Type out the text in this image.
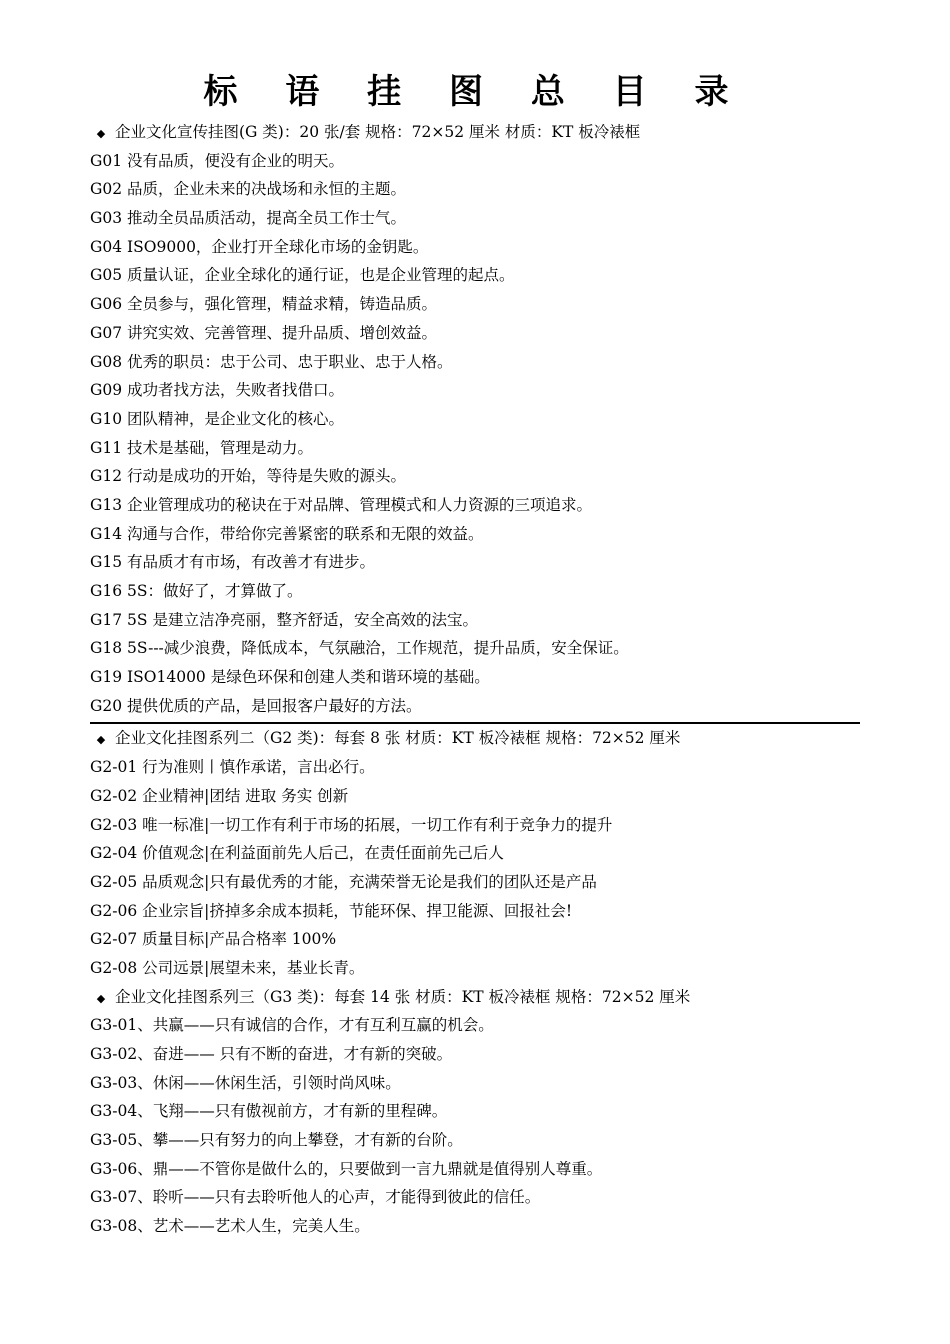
标 语 挂 图 总 目 录
◆ 企业文化宣传挂图(G 类)：20 张/套 规格：72×52 厘米 材质：KT 板冷裱框
G01 没有品质，便没有企业的明天。
G02 品质，企业未来的决战场和永恒的主题。
G03 推动全员品质活动，提高全员工作士气。
G04 ISO9000，企业打开全球化市场的金钥匙。
G05 质量认证，企业全球化的通行证，也是企业管理的起点。
G06 全员参与，强化管理，精益求精，铸造品质。
G07 讲究实效、完善管理、提升品质、增创效益。
G08 优秀的职员：忠于公司、忠于职业、忠于人格。
G09 成功者找方法，失败者找借口。
G10 团队精神，是企业文化的核心。
G11 技术是基础，管理是动力。
G12 行动是成功的开始，等待是失败的源头。
G13 企业管理成功的秘诀在于对品牌、管理模式和人力资源的三项追求。
G14 沟通与合作，带给你完善紧密的联系和无限的效益。
G15 有品质才有市场，有改善才有进步。
G16 5S：做好了，才算做了。
G17 5S 是建立洁净亮丽，整齐舒适，安全高效的法宝。
G18 5S---减少浪费，降低成本，气氛融洽，工作规范，提升品质，安全保证。
G19 ISO14000 是绿色环保和创建人类和谐环境的基础。
G20 提供优质的产品，是回报客户最好的方法。
◆ 企业文化挂图系列二（G2 类)：每套 8 张 材质：KT 板冷裱框 规格：72×52 厘米
G2-01 行为准则丨慎作承诺，言出必行。
G2-02 企业精神|团结 进取 务实 创新
G2-03 唯一标准|一切工作有利于市场的拓展，一切工作有利于竞争力的提升
G2-04 价值观念|在利益面前先人后己，在责任面前先己后人
G2-05 品质观念|只有最优秀的才能，充满荣誉无论是我们的团队还是产品
G2-06 企业宗旨|挤掉多余成本损耗，节能环保、捍卫能源、回报社会!
G2-07 质量目标|产品合格率 100%
G2-08 公司远景|展望未来，基业长青。
◆ 企业文化挂图系列三（G3 类)：每套 14 张 材质：KT 板冷裱框 规格：72×52 厘米
G3-01、共赢——只有诚信的合作，才有互利互赢的机会。
G3-02、奋进—— 只有不断的奋进，才有新的突破。
G3-03、休闲——休闲生活，引领时尚风味。
G3-04、飞翔——只有傲视前方，才有新的里程碑。
G3-05、攀——只有努力的向上攀登，才有新的台阶。
G3-06、鼎——不管你是做什么的，只要做到一言九鼎就是值得别人尊重。
G3-07、聆听——只有去聆听他人的心声，才能得到彼此的信任。
G3-08、艺术——艺术人生，完美人生。
